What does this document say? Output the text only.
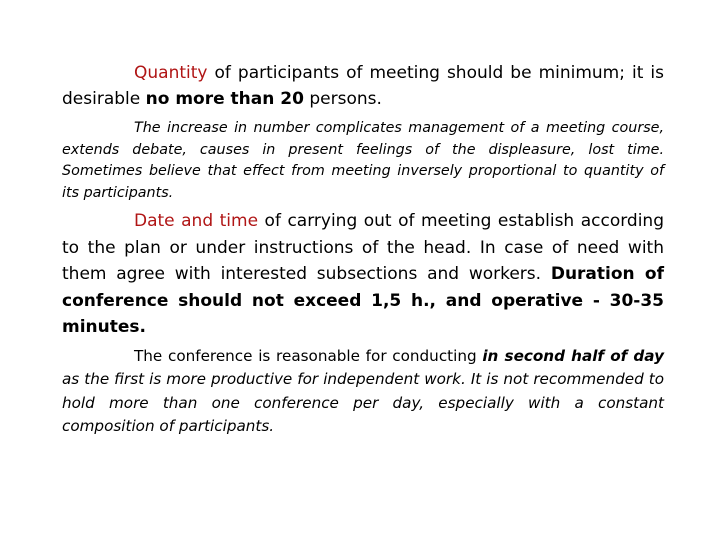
Quantity of participants of meeting should be minimum; it is desirable no more than 20 persons.

The increase in number complicates management of a meeting course, extends debate, causes in present feelings of the displeasure, lost time. Sometimes believe that effect from meeting inversely proportional to quantity of its participants.

Date and time of carrying out of meeting establish according to the plan or under instructions of the head. In case of need with them agree with interested subsections and workers. Duration of conference should not exceed 1,5 h., and operative - 30-35 minutes.

The conference is reasonable for conducting in second half of day as the first is more productive for independent work. It is not recommended to hold more than one conference per day, especially with a constant composition of participants.
